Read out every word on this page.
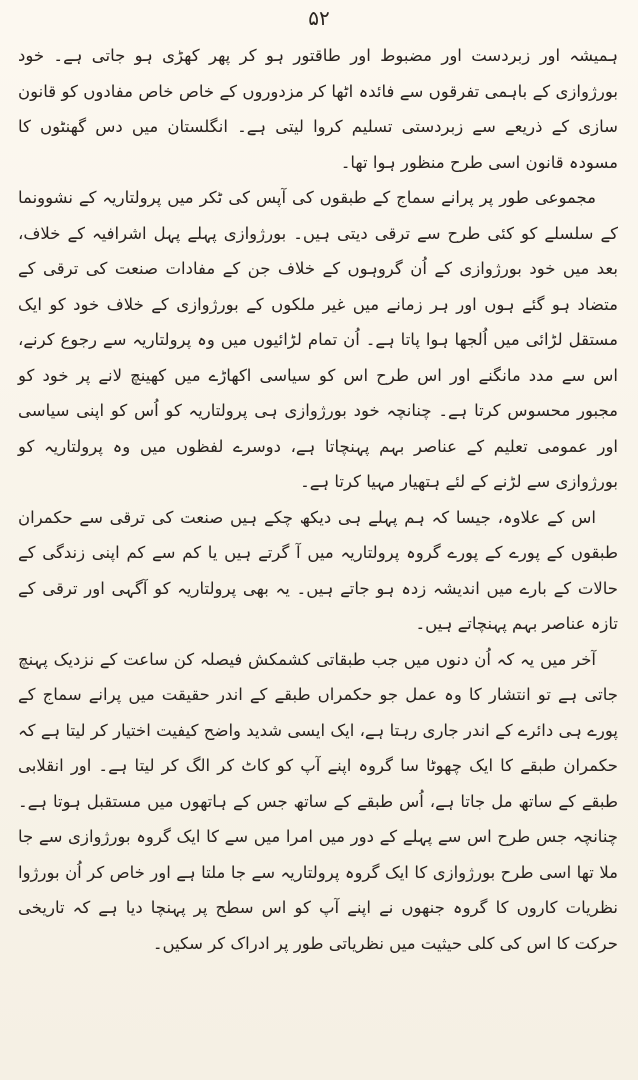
۵۲

ہمیشہ اور زبردست اور مضبوط اور طاقتور ہو کر پھر کھڑی ہو جاتی ہے۔ خود بورژوازی کے باہمی تفرقوں سے فائدہ اٹھا کر مزدوروں کے خاص خاص مفادوں کو قانون سازی کے ذریعے سے زبردستی تسلیم کروا لیتی ہے۔ انگلستان میں دس گھنٹوں کا مسودہ قانون اسی طرح منظور ہوا تھا۔

مجموعی طور پر پرانے سماج کے طبقوں کی آپس کی ٹکر میں پرولتاریہ کے نشوونما کے سلسلے کو کئی طرح سے ترقی دیتی ہیں۔ بورژوازی پہلے پہل اشرافیہ کے خلاف، بعد میں خود بورژوازی کے اُن گروہوں کے خلاف جن کے مفادات صنعت کی ترقی کے متضاد ہو گئے ہوں اور ہر زمانے میں غیر ملکوں کے بورژوازی کے خلاف خود کو ایک مستقل لڑائی میں اُلجھا ہوا پاتا ہے۔ اُن تمام لڑائیوں میں وہ پرولتاریہ سے رجوع کرنے، اس سے مدد مانگنے اور اس طرح اس کو سیاسی اکھاڑے میں کھینچ لانے پر خود کو مجبور محسوس کرتا ہے۔ چنانچہ خود بورژوازی ہی پرولتاریہ کو اُس کو اپنی سیاسی اور عمومی تعلیم کے عناصر بہم پہنچاتا ہے، دوسرے لفظوں میں وہ پرولتاریہ کو بورژوازی سے لڑنے کے لئے ہتھیار مہیا کرتا ہے۔

اس کے علاوہ، جیسا کہ ہم پہلے ہی دیکھ چکے ہیں صنعت کی ترقی سے حکمران طبقوں کے پورے کے پورے گروہ پرولتاریہ میں آ گرتے ہیں یا کم سے کم اپنی زندگی کے حالات کے بارے میں اندیشہ زدہ ہو جاتے ہیں۔ یہ بھی پرولتاریہ کو آگہی اور ترقی کے تازہ عناصر بہم پہنچاتے ہیں۔

آخر میں یہ کہ اُن دنوں میں جب طبقاتی کشمکش فیصلہ کن ساعت کے نزدیک پہنچ جاتی ہے تو انتشار کا وہ عمل جو حکمراں طبقے کے اندر حقیقت میں پرانے سماج کے پورے ہی دائرے کے اندر جاری رہتا ہے، ایک ایسی شدید واضح کیفیت اختیار کر لیتا ہے کہ حکمران طبقے کا ایک چھوٹا سا گروہ اپنے آپ کو کاٹ کر الگ کر لیتا ہے۔ اور انقلابی طبقے کے ساتھ مل جاتا ہے، اُس طبقے کے ساتھ جس کے ہاتھوں میں مستقبل ہوتا ہے۔ چنانچہ جس طرح اس سے پہلے کے دور میں امرا میں سے کا ایک گروہ بورژوازی سے جا ملا تھا اسی طرح بورژوازی کا ایک گروہ پرولتاریہ سے جا ملتا ہے اور خاص کر اُن بورژوا نظریات کاروں کا گروہ جنھوں نے اپنے آپ کو اس سطح پر پہنچا دیا ہے کہ تاریخی حرکت کا اس کی کلی حیثیت میں نظریاتی طور پر ادراک کر سکیں۔
